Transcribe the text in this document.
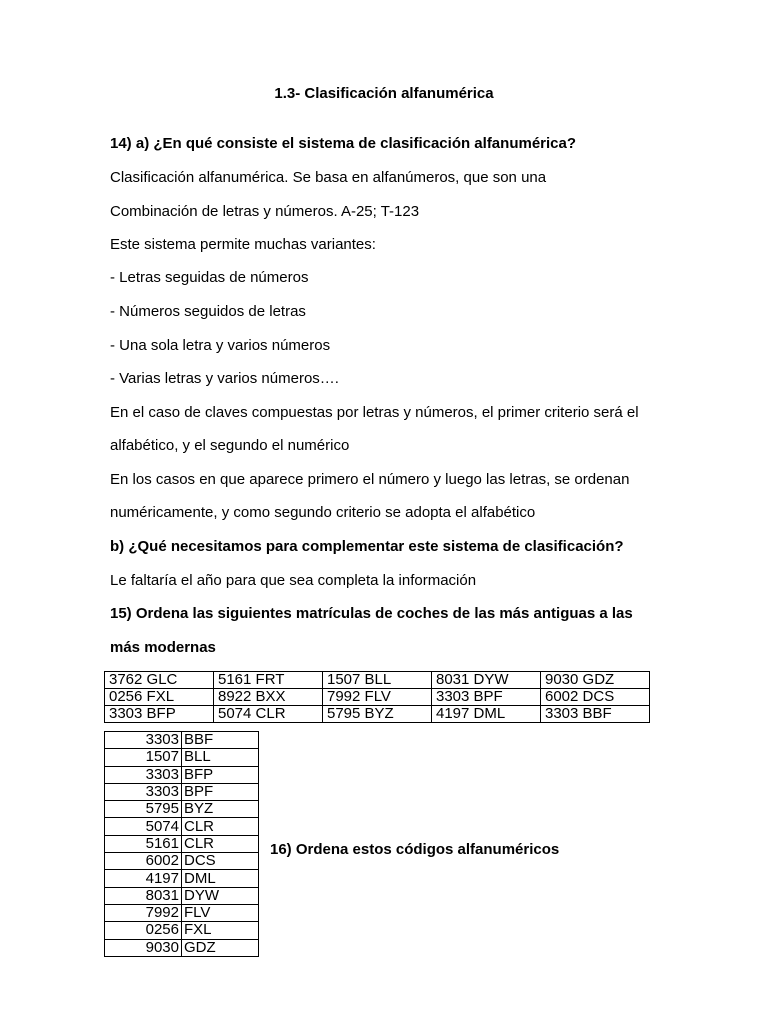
1.3- Clasificación alfanumérica
14) a) ¿En qué consiste el sistema de clasificación alfanumérica?
Clasificación alfanumérica. Se basa en alfanúmeros, que son una
Combinación de letras y números. A-25; T-123
Este sistema permite muchas variantes:
- Letras seguidas de números
- Números seguidos de letras
- Una sola letra y varios números
- Varias letras y varios números….
En el caso de claves compuestas por letras y números, el primer criterio será el
alfabético, y el segundo el numérico
En los casos en que aparece primero el número y luego las letras, se ordenan
numéricamente, y como segundo criterio se adopta el alfabético
b) ¿Qué necesitamos para complementar este sistema de clasificación?
Le faltaría el año para que sea completa la información
15) Ordena las siguientes matrículas de coches de las más antiguas a las
más modernas
3762 GLC	5161 FRT	1507 BLL	8031 DYW	9030 GDZ
0256 FXL	8922 BXX	7992 FLV	3303 BPF	6002 DCS
3303 BFP	5074 CLR	5795 BYZ	4197 DML	3303 BBF
3303	BBF
1507	BLL
3303	BFP
3303	BPF
5795	BYZ
5074	CLR
5161	CLR
6002	DCS
4197	DML
8031	DYW
7992	FLV
0256	FXL
9030	GDZ
16) Ordena estos códigos alfanuméricos
